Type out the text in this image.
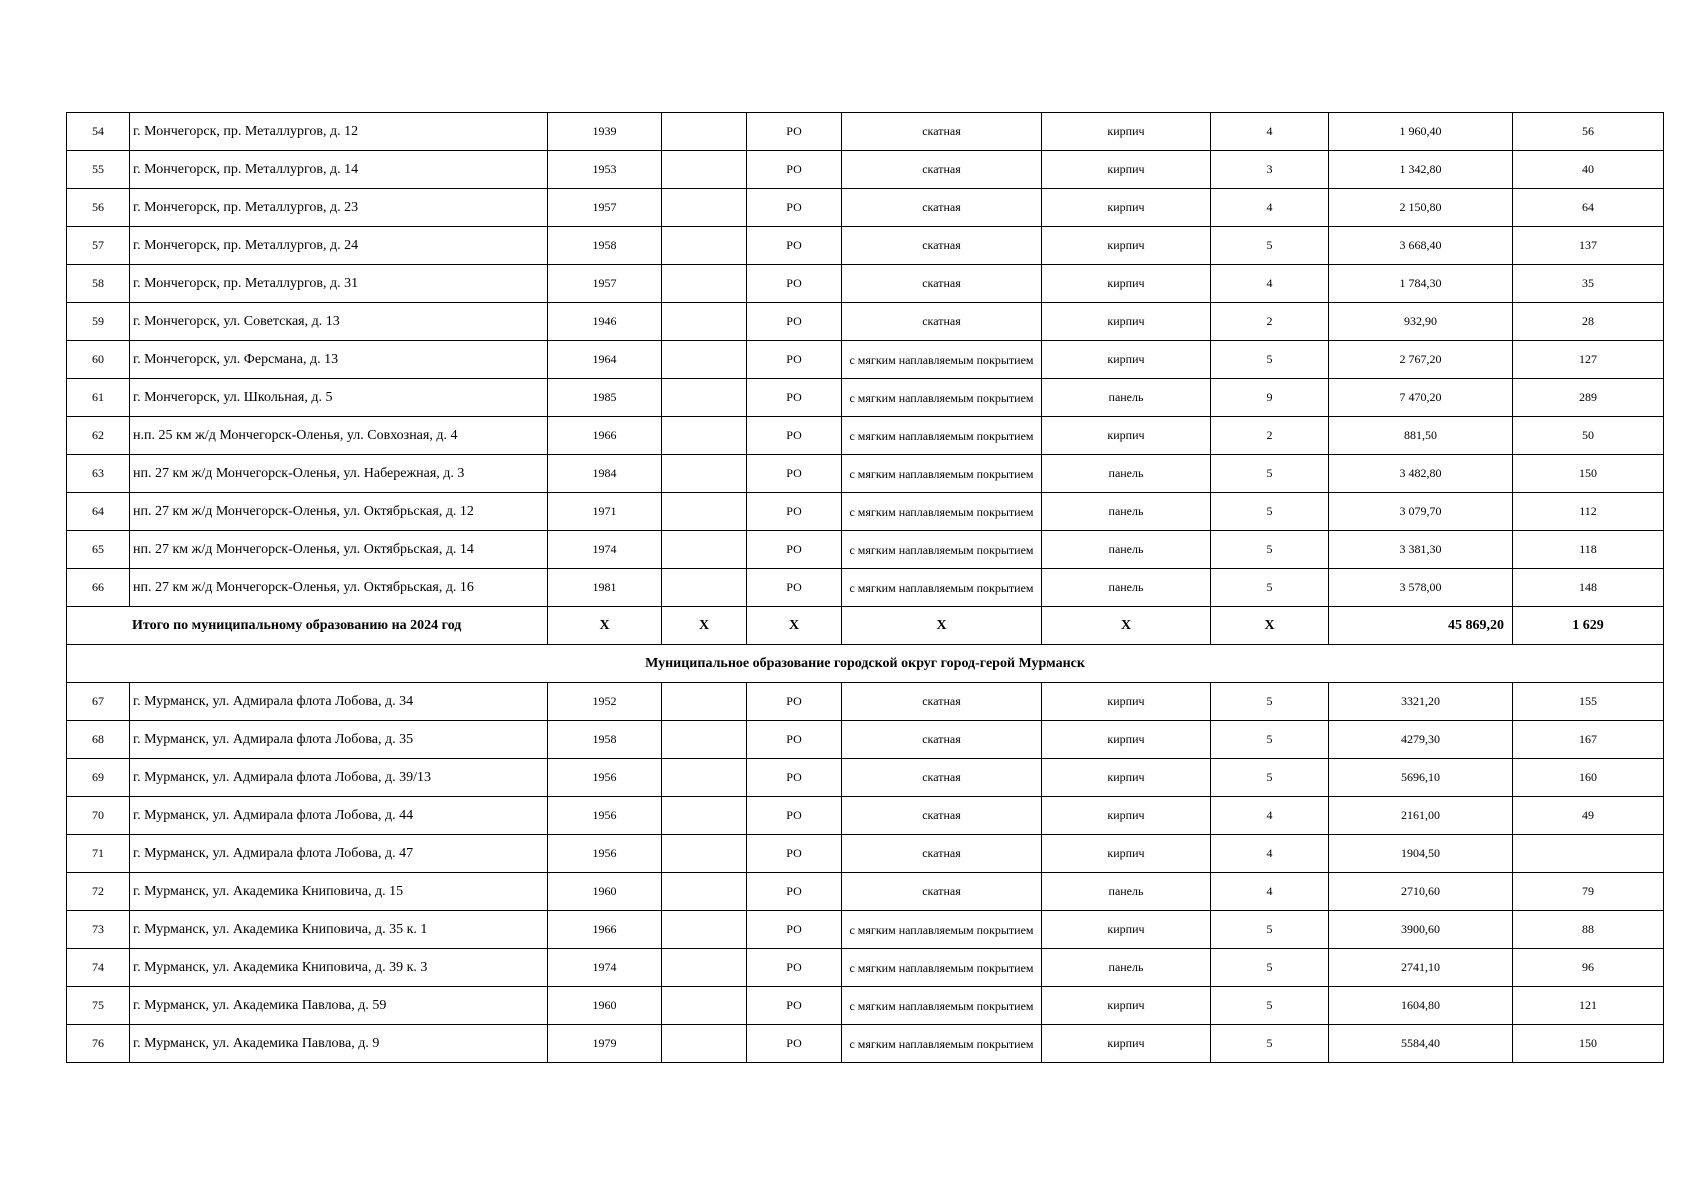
54	г. Мончегорск, пр. Металлургов, д. 12	1939		РО	скатная	кирпич	4	1 960,40	56
55	г. Мончегорск, пр. Металлургов, д. 14	1953		РО	скатная	кирпич	3	1 342,80	40
56	г. Мончегорск, пр. Металлургов, д. 23	1957		РО	скатная	кирпич	4	2 150,80	64
57	г. Мончегорск, пр. Металлургов, д. 24	1958		РО	скатная	кирпич	5	3 668,40	137
58	г. Мончегорск, пр. Металлургов, д. 31	1957		РО	скатная	кирпич	4	1 784,30	35
59	г. Мончегорск, ул. Советская, д. 13	1946		РО	скатная	кирпич	2	932,90	28
60	г. Мончегорск, ул. Ферсмана, д. 13	1964		РО	с мягким наплавляемым покрытием	кирпич	5	2 767,20	127
61	г. Мончегорск, ул. Школьная, д. 5	1985		РО	с мягким наплавляемым покрытием	панель	9	7 470,20	289
62	н.п. 25 км ж/д Мончегорск-Оленья, ул. Совхозная, д. 4	1966		РО	с мягким наплавляемым покрытием	кирпич	2	881,50	50
63	нп. 27 км ж/д Мончегорск-Оленья, ул. Набережная, д. 3	1984		РО	с мягким наплавляемым покрытием	панель	5	3 482,80	150
64	нп. 27 км ж/д Мончегорск-Оленья, ул. Октябрьская, д. 12	1971		РО	с мягким наплавляемым покрытием	панель	5	3 079,70	112
65	нп. 27 км ж/д Мончегорск-Оленья, ул. Октябрьская, д. 14	1974		РО	с мягким наплавляемым покрытием	панель	5	3 381,30	118
66	нп. 27 км ж/д Мончегорск-Оленья, ул. Октябрьская, д. 16	1981		РО	с мягким наплавляемым покрытием	панель	5	3 578,00	148
Итого по муниципальному образованию на 2024 год		X	X	X	X	X	X	45 869,20	1 629
Муниципальное образование городской округ город-герой Мурманск									
67	г. Мурманск, ул. Адмирала флота Лобова, д. 34	1952		РО	скатная	кирпич	5	3321,20	155
68	г. Мурманск, ул. Адмирала флота Лобова, д. 35	1958		РО	скатная	кирпич	5	4279,30	167
69	г. Мурманск, ул. Адмирала флота Лобова, д. 39/13	1956		РО	скатная	кирпич	5	5696,10	160
70	г. Мурманск, ул. Адмирала флота Лобова, д. 44	1956		РО	скатная	кирпич	4	2161,00	49
71	г. Мурманск, ул. Адмирала флота Лобова, д. 47	1956		РО	скатная	кирпич	4	1904,50	
72	г. Мурманск, ул. Академика Книповича, д. 15	1960		РО	скатная	панель	4	2710,60	79
73	г. Мурманск, ул. Академика Книповича, д. 35 к. 1	1966		РО	с мягким наплавляемым покрытием	кирпич	5	3900,60	88
74	г. Мурманск, ул. Академика Книповича, д. 39 к. 3	1974		РО	с мягким наплавляемым покрытием	панель	5	2741,10	96
75	г. Мурманск, ул. Академика Павлова, д. 59	1960		РО	с мягким наплавляемым покрытием	кирпич	5	1604,80	121
76	г. Мурманск, ул. Академика Павлова, д. 9	1979		РО	с мягким наплавляемым покрытием	кирпич	5	5584,40	150
